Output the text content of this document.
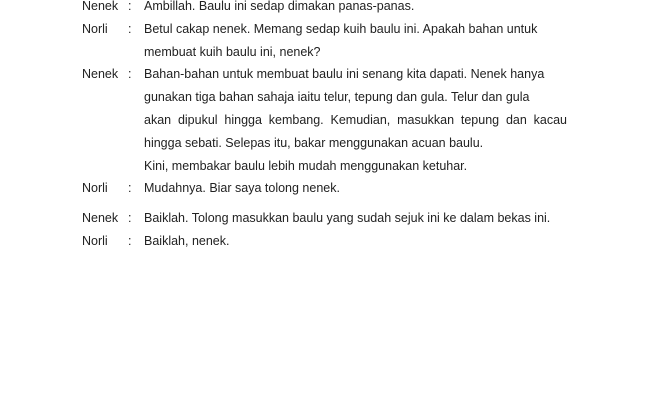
Nenek : Ambillah. Baulu ini sedap dimakan panas-panas.
Norli	: Betul cakap nenek. Memang sedap kuih baulu ini. Apakah bahan untuk
membuat kuih baulu ini, nenek?
Nenek : Bahan-bahan untuk membuat baulu ini senang kita dapati. Nenek hanya
gunakan tiga bahan sahaja iaitu telur, tepung dan gula. Telur dan gula
akan dipukul hingga kembang. Kemudian, masukkan tepung dan kacau
hingga sebati. Selepas itu, bakar menggunakan acuan baulu.
Kini, membakar baulu lebih mudah menggunakan ketuhar.
Norli	: Mudahnya. Biar saya tolong nenek.
Nenek : Baiklah. Tolong masukkan baulu yang sudah sejuk ini ke dalam bekas ini.
Norli	: Baiklah, nenek.
